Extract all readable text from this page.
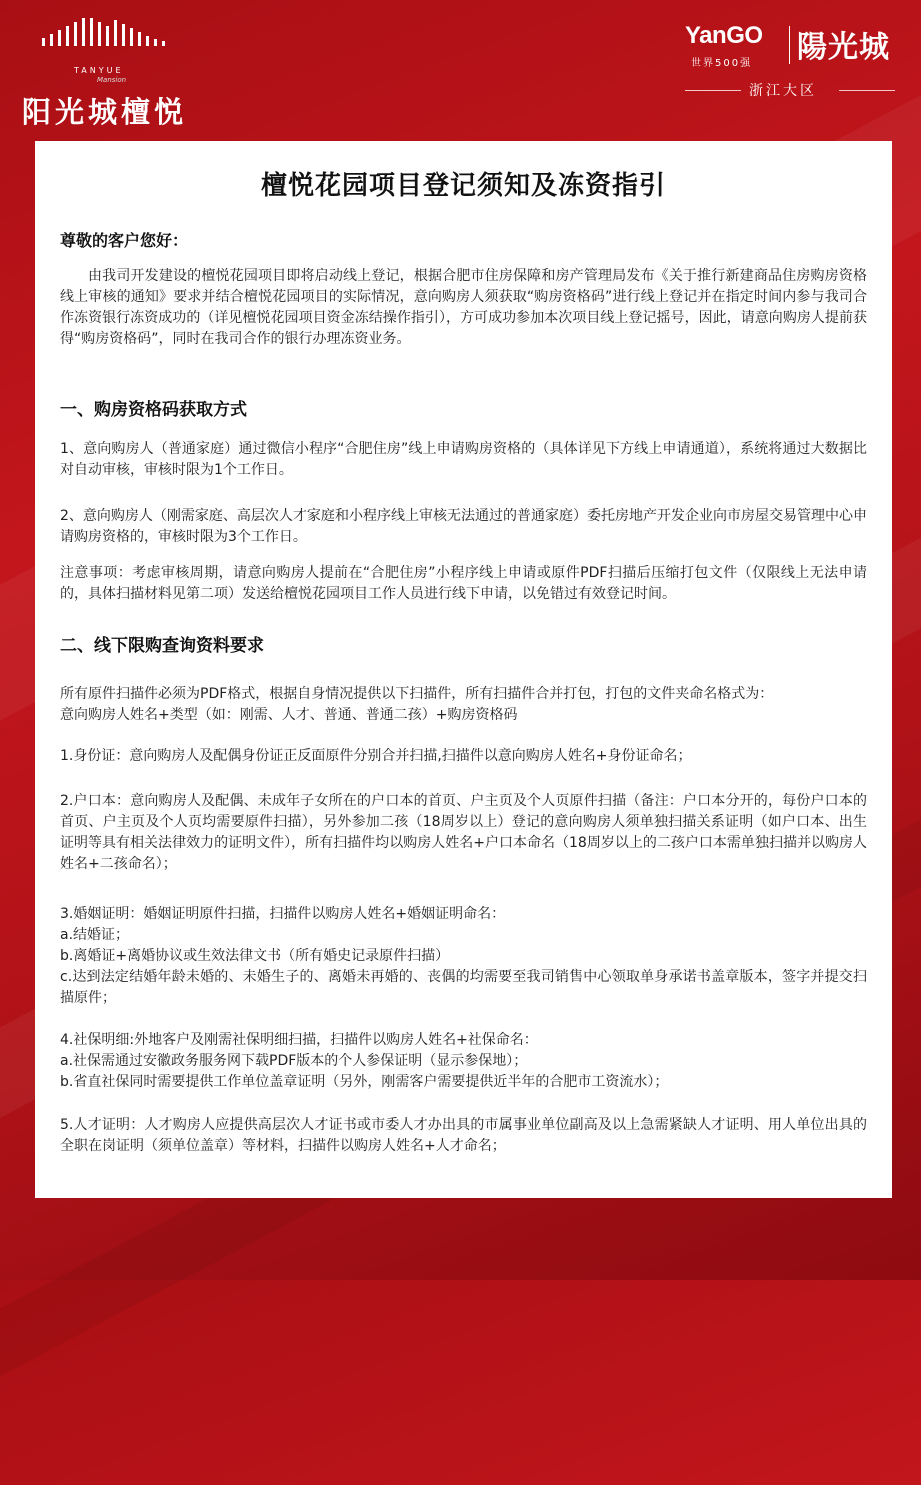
TANYUE
Mansion
阳光城檀悦
YanGO
世界500强 陽光城
浙江大区
檀悦花园项目登记须知及冻资指引
尊敬的客户您好：

由我司开发建设的檀悦花园项目即将启动线上登记，根据合肥市住房保障和房产管理局发布《关于推行新建商品住房购房资格线上审核的通知》要求并结合檀悦花园项目的实际情况，意向购房人须获取“购房资格码”进行线上登记并在指定时间内参与我司合作冻资银行冻资成功的（详见檀悦花园项目资金冻结操作指引），方可成功参加本次项目线上登记摇号，因此，请意向购房人提前获得“购房资格码”，同时在我司合作的银行办理冻资业务。

一、购房资格码获取方式

1、意向购房人（普通家庭）通过微信小程序“合肥住房”线上申请购房资格的（具体详见下方线上申请通道），系统将通过大数据比对自动审核，审核时限为1个工作日。

2、意向购房人（刚需家庭、高层次人才家庭和小程序线上审核无法通过的普通家庭）委托房地产开发企业向市房屋交易管理中心申请购房资格的，审核时限为3个工作日。

注意事项：考虑审核周期，请意向购房人提前在“合肥住房”小程序线上申请或原件PDF扫描后压缩打包文件（仅限线上无法申请的，具体扫描材料见第二项）发送给檀悦花园项目工作人员进行线下申请，以免错过有效登记时间。

二、线下限购查询资料要求

所有原件扫描件必须为PDF格式，根据自身情况提供以下扫描件，所有扫描件合并打包，打包的文件夹命名格式为：

意向购房人姓名+类型（如：刚需、人才、普通、普通二孩）+购房资格码

1.身份证：意向购房人及配偶身份证正反面原件分别合并扫描,扫描件以意向购房人姓名+身份证命名；

2.户口本：意向购房人及配偶、未成年子女所在的户口本的首页、户主页及个人页原件扫描（备注：户口本分开的，每份户口本的首页、户主页及个人页均需要原件扫描），另外参加二孩（18周岁以上）登记的意向购房人须单独扫描关系证明（如户口本、出生证明等具有相关法律效力的证明文件），所有扫描件均以购房人姓名+户口本命名（18周岁以上的二孩户口本需单独扫描并以购房人姓名+二孩命名）；

3.婚姻证明：婚姻证明原件扫描，扫描件以购房人姓名+婚姻证明命名：

a.结婚证；

b.离婚证+离婚协议或生效法律文书（所有婚史记录原件扫描）

c.达到法定结婚年龄未婚的、未婚生子的、离婚未再婚的、丧偶的均需要至我司销售中心领取单身承诺书盖章版本，签字并提交扫描原件；

4.社保明细:外地客户及刚需社保明细扫描，扫描件以购房人姓名+社保命名：

a.社保需通过安徽政务服务网下载PDF版本的个人参保证明（显示参保地）；

b.省直社保同时需要提供工作单位盖章证明（另外，刚需客户需要提供近半年的合肥市工资流水）；

5.人才证明：人才购房人应提供高层次人才证书或市委人才办出具的市属事业单位副高及以上急需紧缺人才证明、用人单位出具的全职在岗证明（须单位盖章）等材料，扫描件以购房人姓名+人才命名；
